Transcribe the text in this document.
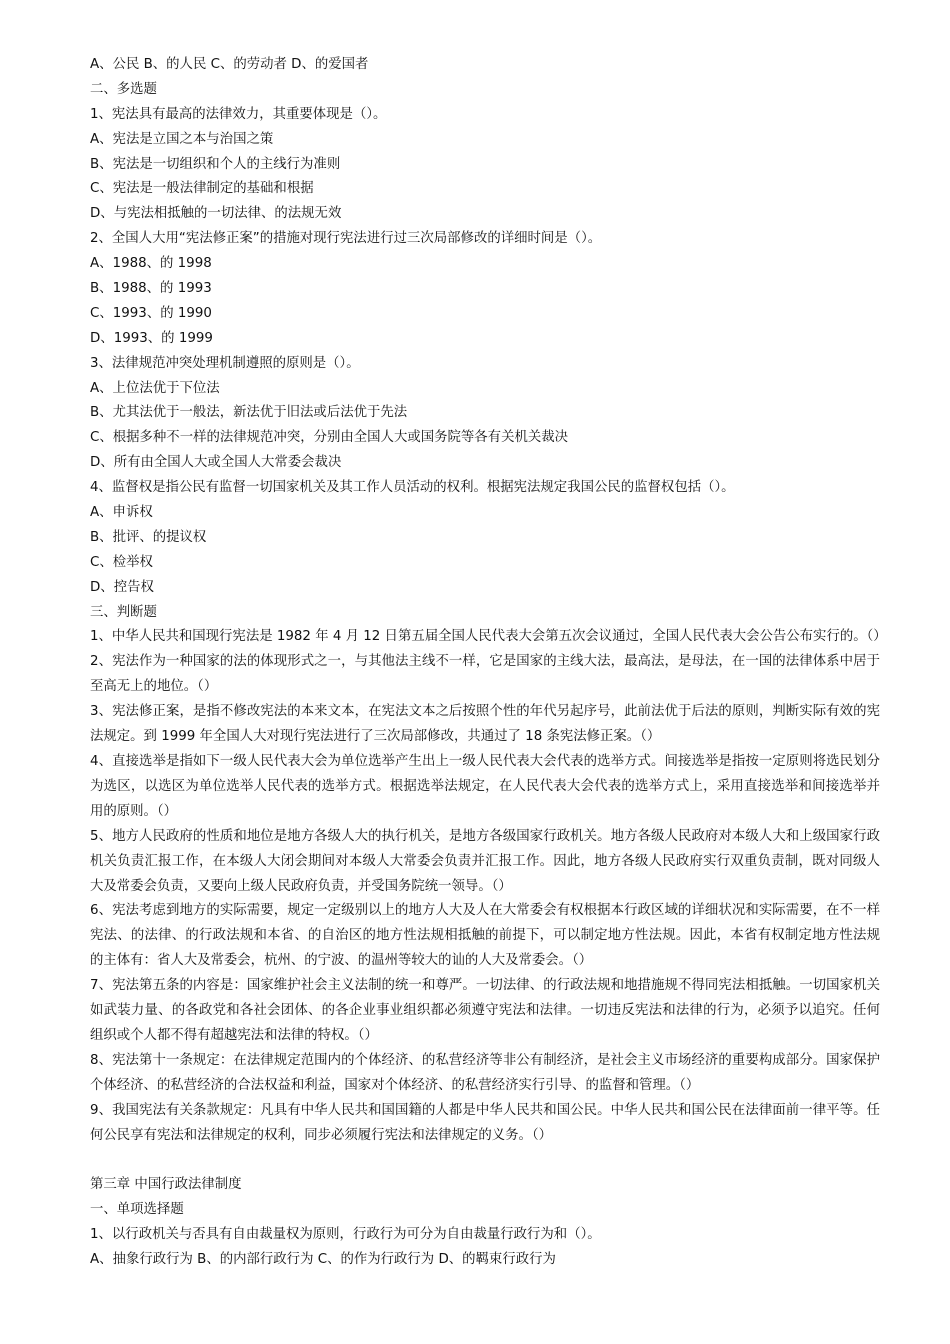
A、公民 B、的人民 C、的劳动者 D、的爱国者
二、多选题
1、宪法具有最高的法律效力，其重要体现是（）。
A、宪法是立国之本与治国之策
B、宪法是一切组织和个人的主线行为准则
C、宪法是一般法律制定的基础和根据
D、与宪法相抵触的一切法律、的法规无效
2、全国人大用“宪法修正案”的措施对现行宪法进行过三次局部修改的详细时间是（）。
A、1988、的 1998
B、1988、的 1993
C、1993、的 1990
D、1993、的 1999
3、法律规范冲突处理机制遵照的原则是（）。
A、上位法优于下位法
B、尤其法优于一般法，新法优于旧法或后法优于先法
C、根据多种不一样的法律规范冲突，分别由全国人大或国务院等各有关机关裁决
D、所有由全国人大或全国人大常委会裁决
4、监督权是指公民有监督一切国家机关及其工作人员活动的权利。根据宪法规定我国公民的监督权包括（）。
A、申诉权
B、批评、的提议权
C、检举权
D、控告权
三、判断题
1、中华人民共和国现行宪法是 1982 年 4 月 12 日第五届全国人民代表大会第五次会议通过，全国人民代表大会公告公布实行的。（）
2、宪法作为一种国家的法的体现形式之一，与其他法主线不一样，它是国家的主线大法，最高法，是母法，在一国的法律体系中居于至高无上的地位。（）
3、宪法修正案，是指不修改宪法的本来文本，在宪法文本之后按照个性的年代另起序号，此前法优于后法的原则，判断实际有效的宪法规定。到 1999 年全国人大对现行宪法进行了三次局部修改，共通过了 18 条宪法修正案。（）
4、直接选举是指如下一级人民代表大会为单位选举产生出上一级人民代表大会代表的选举方式。间接选举是指按一定原则将选民划分为选区，以选区为单位选举人民代表的选举方式。根据选举法规定，在人民代表大会代表的选举方式上，采用直接选举和间接选举并用的原则。（）
5、地方人民政府的性质和地位是地方各级人大的执行机关，是地方各级国家行政机关。地方各级人民政府对本级人大和上级国家行政机关负责汇报工作，在本级人大闭会期间对本级人大常委会负责并汇报工作。因此，地方各级人民政府实行双重负责制，既对同级人大及常委会负责，又要向上级人民政府负责，并受国务院统一领导。（）
6、宪法考虑到地方的实际需要，规定一定级别以上的地方人大及人在大常委会有权根据本行政区域的详细状况和实际需要，在不一样宪法、的法律、的行政法规和本省、的自治区的地方性法规相抵触的前提下，可以制定地方性法规。因此，本省有权制定地方性法规的主体有：省人大及常委会，杭州、的宁波、的温州等较大的讪的人大及常委会。（）
7、宪法第五条的内容是：国家维护社会主义法制的统一和尊严。一切法律、的行政法规和地措施规不得同宪法相抵触。一切国家机关如武装力量、的各政党和各社会团体、的各企业事业组织都必须遵守宪法和法律。一切违反宪法和法律的行为，必须予以追究。任何组织或个人都不得有超越宪法和法律的特权。（）
8、宪法第十一条规定：在法律规定范围内的个体经济、的私营经济等非公有制经济，是社会主义市场经济的重要构成部分。国家保护个体经济、的私营经济的合法权益和利益，国家对个体经济、的私营经济实行引导、的监督和管理。（）
9、我国宪法有关条款规定：凡具有中华人民共和国国籍的人都是中华人民共和国公民。中华人民共和国公民在法律面前一律平等。任何公民享有宪法和法律规定的权利，同步必须履行宪法和法律规定的义务。（）
第三章 中国行政法律制度
一、单项选择题
1、以行政机关与否具有自由裁量权为原则，行政行为可分为自由裁量行政行为和（）。
A、抽象行政行为 B、的内部行政行为 C、的作为行政行为 D、的羁束行政行为
